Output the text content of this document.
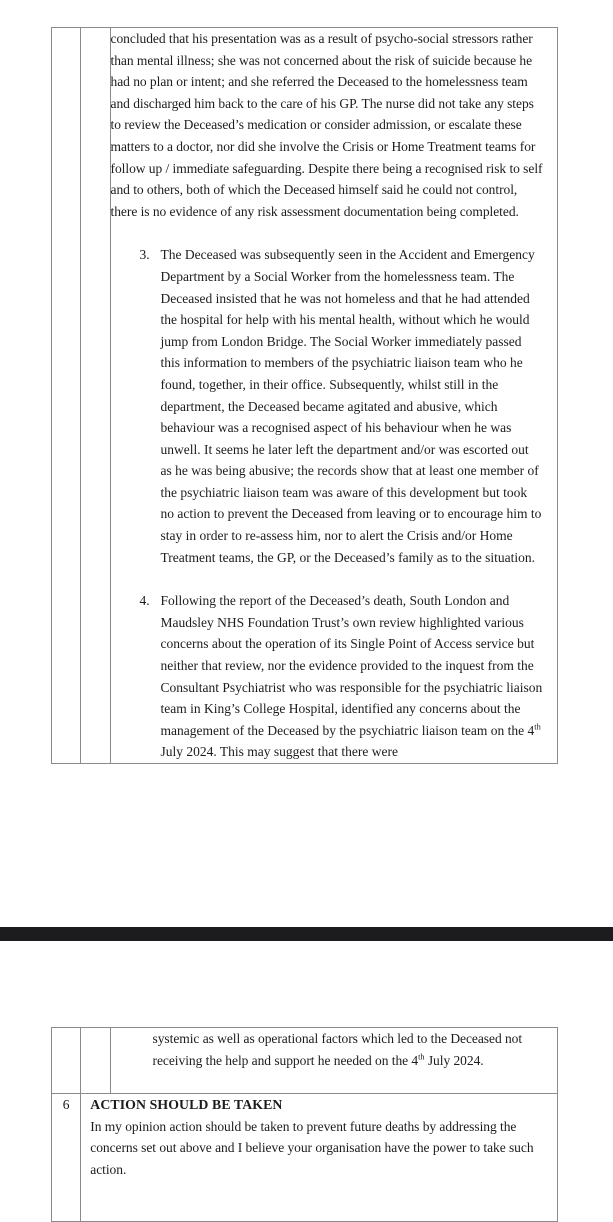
concluded that his presentation was as a result of psycho-social stressors rather than mental illness; she was not concerned about the risk of suicide because he had no plan or intent; and she referred the Deceased to the homelessness team and discharged him back to the care of his GP. The nurse did not take any steps to review the Deceased’s medication or consider admission, or escalate these matters to a doctor, nor did she involve the Crisis or Home Treatment teams for follow up / immediate safeguarding. Despite there being a recognised risk to self and to others, both of which the Deceased himself said he could not control, there is no evidence of any risk assessment documentation being completed.

3. The Deceased was subsequently seen in the Accident and Emergency Department by a Social Worker from the homelessness team. The Deceased insisted that he was not homeless and that he had attended the hospital for help with his mental health, without which he would jump from London Bridge. The Social Worker immediately passed this information to members of the psychiatric liaison team who he found, together, in their office. Subsequently, whilst still in the department, the Deceased became agitated and abusive, which behaviour was a recognised aspect of his behaviour when he was unwell. It seems he later left the department and/or was escorted out as he was being abusive; the records show that at least one member of the psychiatric liaison team was aware of this development but took no action to prevent the Deceased from leaving or to encourage him to stay in order to re-assess him, nor to alert the Crisis and/or Home Treatment teams, the GP, or the Deceased’s family as to the situation.
4. Following the report of the Deceased’s death, South London and Maudsley NHS Foundation Trust’s own review highlighted various concerns about the operation of its Single Point of Access service but neither that review, nor the evidence provided to the inquest from the Consultant Psychiatrist who was responsible for the psychiatric liaison team in King’s College Hospital, identified any concerns about the management of the Deceased by the psychiatric liaison team on the 4th July 2024. This may suggest that there were

		systemic as well as operational factors which led to the Deceased not receiving the help and support he needed on the 4th July 2024.

6	ACTION SHOULD BE TAKEN

In my opinion action should be taken to prevent future deaths by addressing the concerns set out above and I believe your organisation have the power to take such action.	
